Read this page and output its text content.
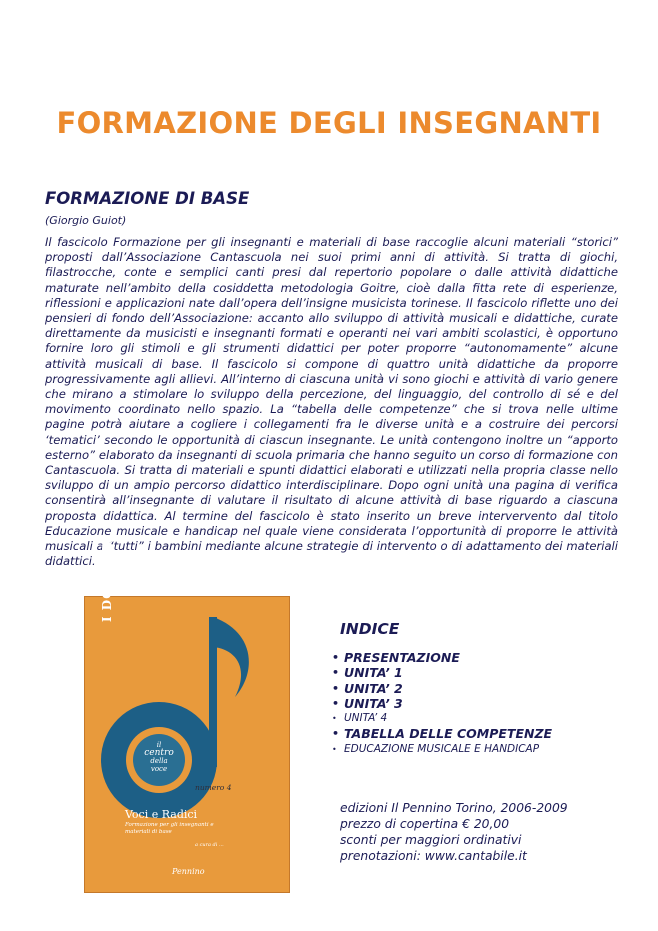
FORMAZIONE DEGLI INSEGNANTI
FORMAZIONE DI BASE

(Giorgio Guiot)

Il fascicolo Formazione per gli insegnanti e materiali di base raccoglie alcuni materiali “storici” proposti dall’Associazione Cantascuola nei suoi primi anni di attività. Si tratta di giochi, filastrocche, conte e semplici canti presi dal repertorio popolare o dalle attività didattiche maturate nell’ambito della cosiddetta metodologia Goitre, cioè dalla fitta rete di esperienze, riflessioni e applicazioni nate dall’opera dell’insigne musicista torinese. Il fascicolo riflette uno dei pensieri di fondo dell’Associazione: accanto allo sviluppo di attività musicali e didattiche, curate direttamente da musicisti e insegnanti formati e operanti nei vari ambiti scolastici, è opportuno fornire loro gli stimoli e gli strumenti didattici per poter proporre “autonomamente” alcune attività musicali di base. Il fascicolo si compone di quattro unità didattiche da proporre progressivamente agli allievi. All’interno di ciascuna unità vi sono giochi e attività di vario genere che mirano a stimolare lo sviluppo della percezione, del linguaggio, del controllo di sé e del movimento coordinato nello spazio. La “tabella delle competenze” che si trova nelle ultime pagine potrà aiutare a cogliere i collegamenti fra le diverse unità e a costruire dei percorsi ‘tematici’ secondo le opportunità di ciascun insegnante. Le unità contengono inoltre un “apporto esterno” elaborato da insegnanti di scuola primaria che hanno seguito un corso di formazione con Cantascuola. Si tratta di materiali e spunti didattici elaborati e utilizzati nella propria classe nello sviluppo di un ampio percorso didattico interdisciplinare. Dopo ogni unità una pagina di verifica consentirà all’insegnante di valutare il risultato di alcune attività di base riguardo a ciascuna proposta didattica. Al termine del fascicolo è stato inserito un breve intervervento dal titolo Educazione musicale e handicap nel quale viene considerata l’opportunità di proporre le attività musicali a “tutti” i bambini mediante alcune strategie di intervento o di adattamento dei materiali didattici. I DOSSIER
il
centro
della
voce
numero 4
Voci e Radici
Formazione per gli insegnanti e materiali di base
a cura di ...
Pennino
INDICE
• PRESENTAZIONE
• UNITA’ 1
• UNITA’ 2
• UNITA’ 3
• UNITA’ 4
• TABELLA DELLE COMPETENZE
• EDUCAZIONE MUSICALE E HANDICAP
edizioni Il Pennino Torino, 2006-2009
prezzo di copertina € 20,00
sconti per maggiori ordinativi
prenotazioni: www.cantabile.it
